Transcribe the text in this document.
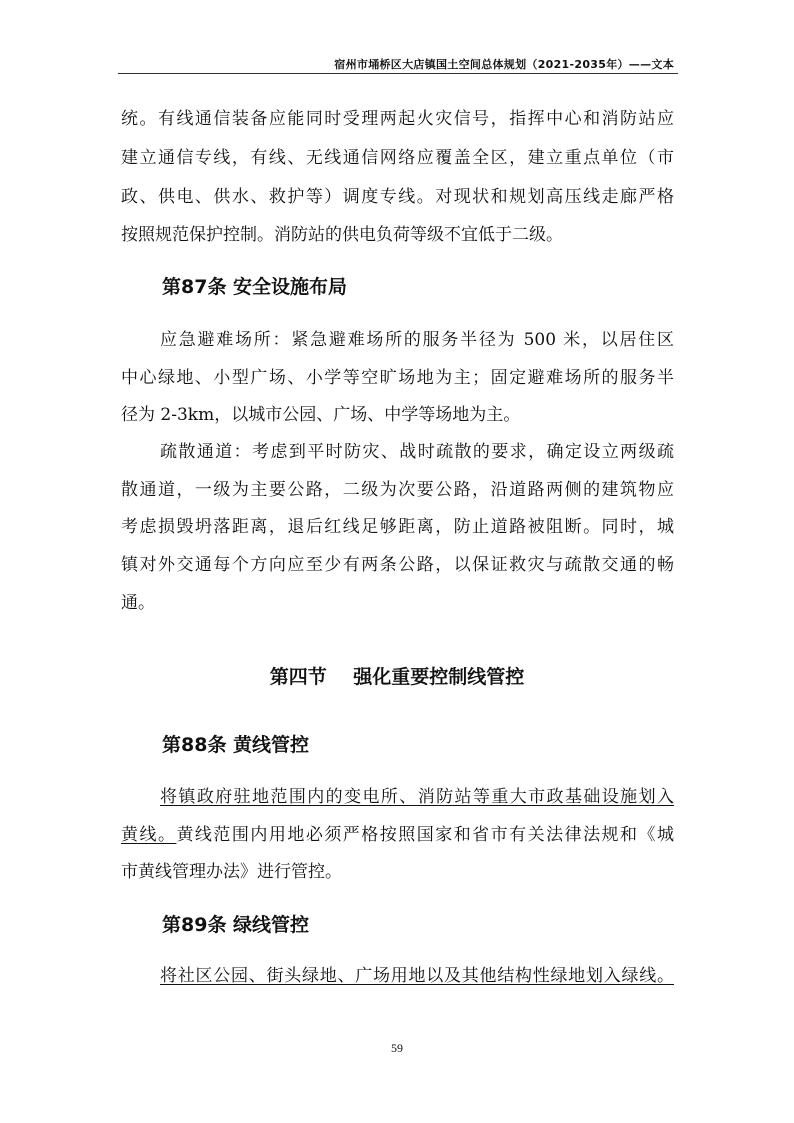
宿州市埇桥区大店镇国土空间总体规划（2021-2035年）——文本
统。有线通信装备应能同时受理两起火灾信号，指挥中心和消防站应
建立通信专线，有线、无线通信网络应覆盖全区，建立重点单位（市
政、供电、供水、救护等）调度专线。对现状和规划高压线走廊严格
按照规范保护控制。消防站的供电负荷等级不宜低于二级。
第87条 安全设施布局
应急避难场所：紧急避难场所的服务半径为 500 米，以居住区
中心绿地、小型广场、小学等空旷场地为主；固定避难场所的服务半
径为 2-3km，以城市公园、广场、中学等场地为主。
疏散通道：考虑到平时防灾、战时疏散的要求，确定设立两级疏
散通道，一级为主要公路，二级为次要公路，沿道路两侧的建筑物应
考虑损毁坍落距离，退后红线足够距离，防止道路被阻断。同时，城
镇对外交通每个方向应至少有两条公路，以保证救灾与疏散交通的畅
通。
第四节    强化重要控制线管控
第88条 黄线管控
将镇政府驻地范围内的变电所、消防站等重大市政基础设施划入
黄线。黄线范围内用地必须严格按照国家和省市有关法律法规和《城
市黄线管理办法》进行管控。
第89条 绿线管控
将社区公园、街头绿地、广场用地以及其他结构性绿地划入绿线。
59
